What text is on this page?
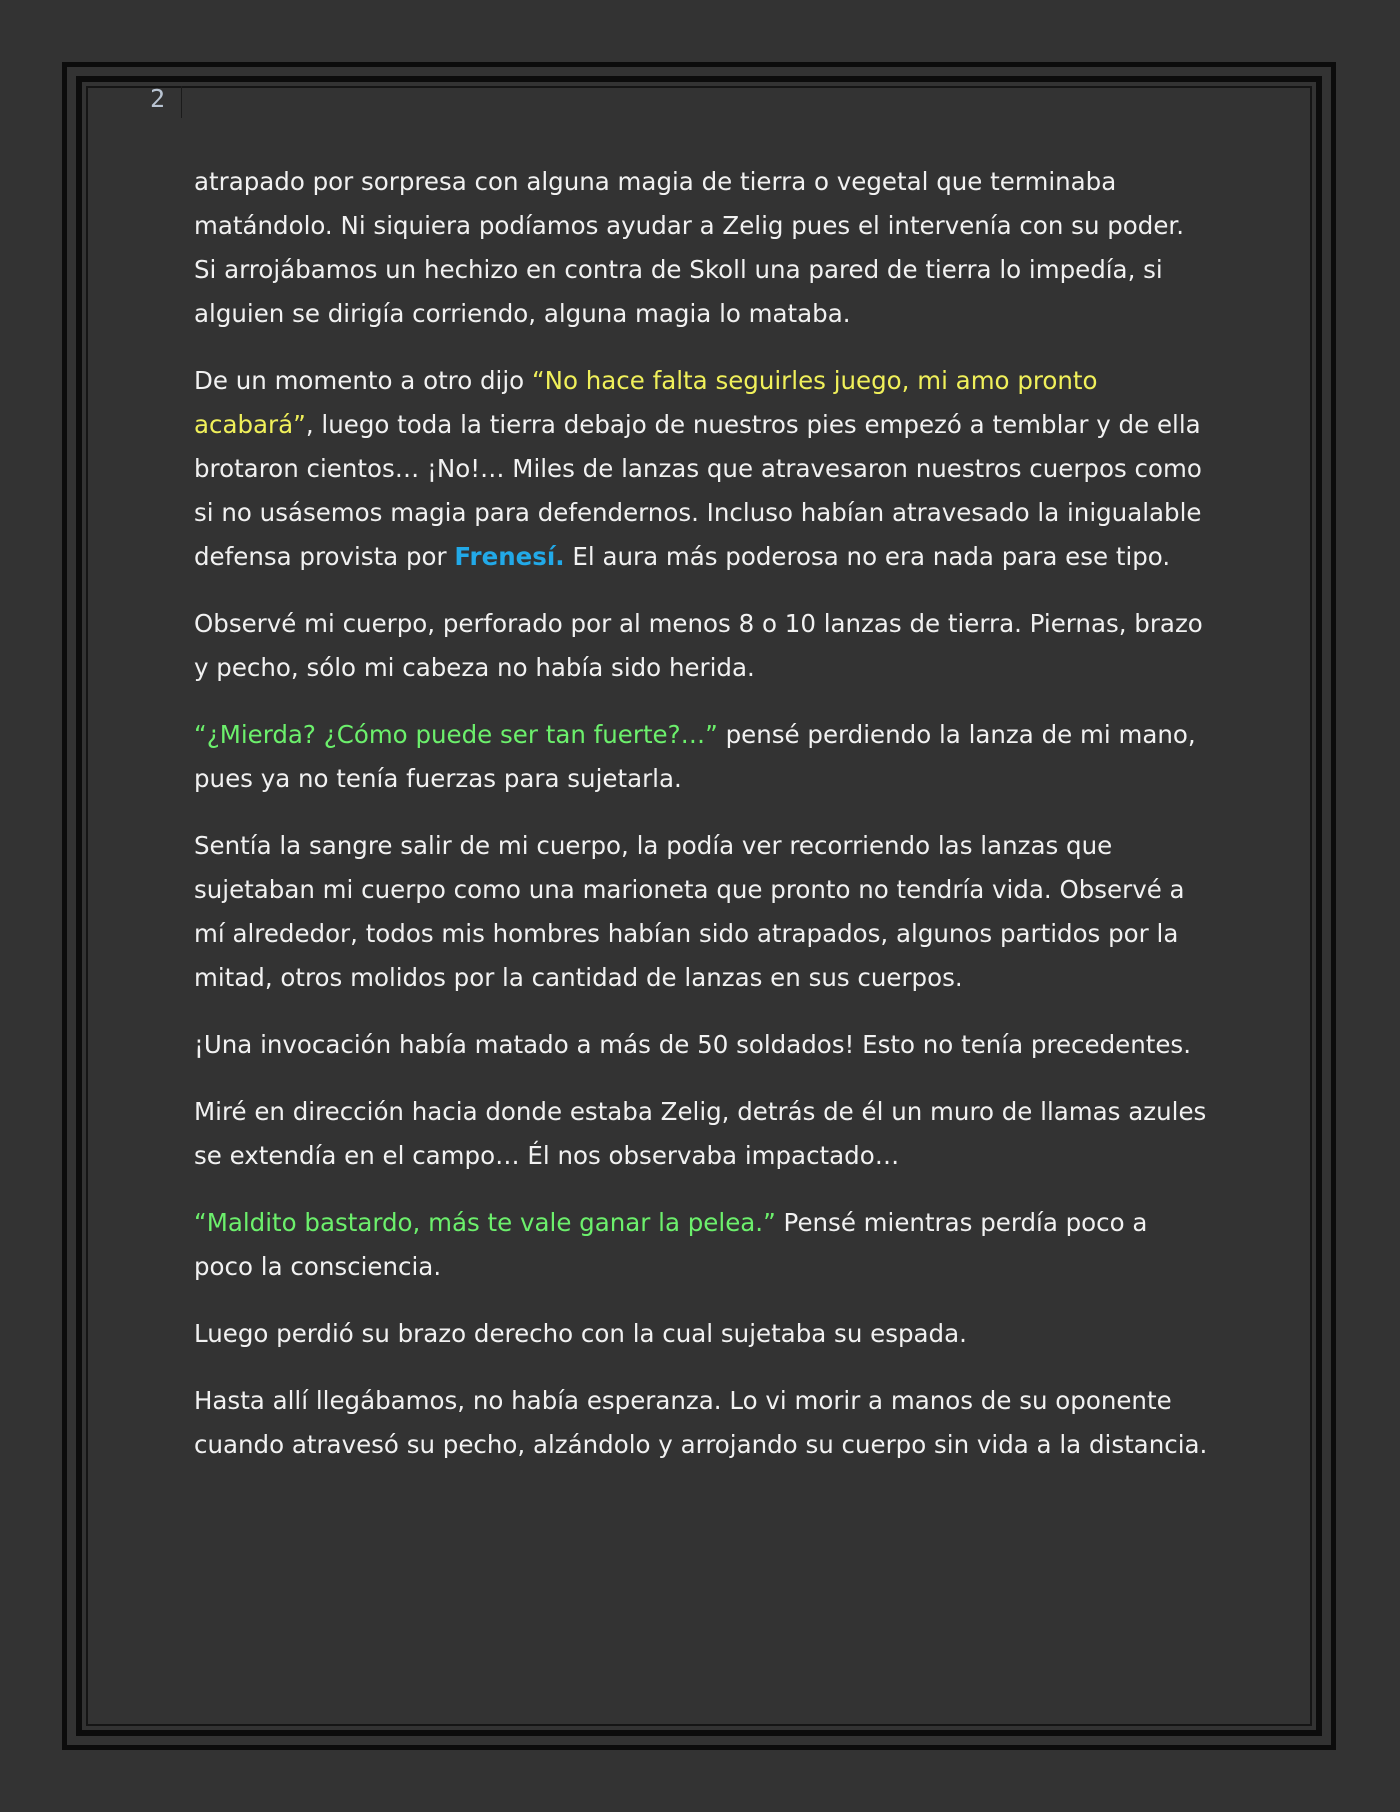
2

atrapado por sorpresa con alguna magia de tierra o vegetal que terminaba matándolo. Ni siquiera podíamos ayudar a Zelig pues el intervenía con su poder. Si arrojábamos un hechizo en contra de Skoll una pared de tierra lo impedía, si alguien se dirigía corriendo, alguna magia lo mataba.

De un momento a otro dijo “No hace falta seguirles juego, mi amo pronto acabará”, luego toda la tierra debajo de nuestros pies empezó a temblar y de ella brotaron cientos… ¡No!… Miles de lanzas que atravesaron nuestros cuerpos como si no usásemos magia para defendernos. Incluso habían atravesado la inigualable defensa provista por Frenesí. El aura más poderosa no era nada para ese tipo.

Observé mi cuerpo, perforado por al menos 8 o 10 lanzas de tierra. Piernas, brazo y pecho, sólo mi cabeza no había sido herida.

“¿Mierda? ¿Cómo puede ser tan fuerte?…” pensé perdiendo la lanza de mi mano, pues ya no tenía fuerzas para sujetarla.

Sentía la sangre salir de mi cuerpo, la podía ver recorriendo las lanzas que sujetaban mi cuerpo como una marioneta que pronto no tendría vida. Observé a mí alrededor, todos mis hombres habían sido atrapados, algunos partidos por la mitad, otros molidos por la cantidad de lanzas en sus cuerpos.

¡Una invocación había matado a más de 50 soldados! Esto no tenía precedentes.

Miré en dirección hacia donde estaba Zelig, detrás de él un muro de llamas azules se extendía en el campo… Él nos observaba impactado…

“Maldito bastardo, más te vale ganar la pelea.” Pensé mientras perdía poco a poco la consciencia.

Luego perdió su brazo derecho con la cual sujetaba su espada.

Hasta allí llegábamos, no había esperanza. Lo vi morir a manos de su oponente cuando atravesó su pecho, alzándolo y arrojando su cuerpo sin vida a la distancia.
